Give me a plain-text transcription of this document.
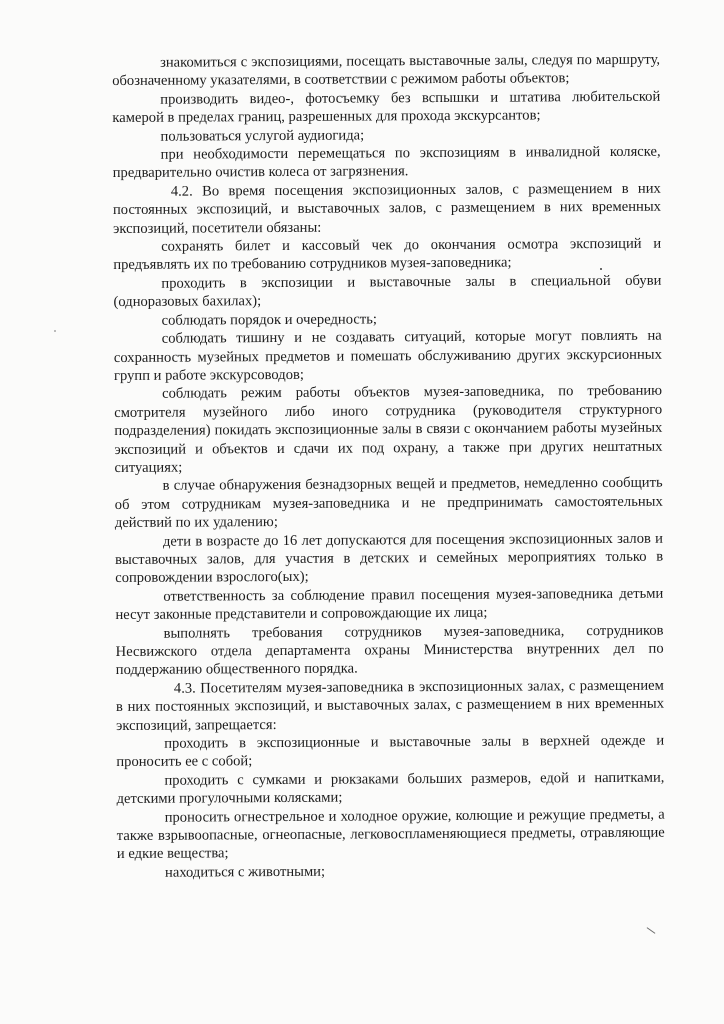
знакомиться с экспозициями, посещать выставочные залы, следуя по маршруту, обозначенному указателями, в соответствии с режимом работы объектов;

производить видео-, фотосъемку без вспышки и штатива любительской камерой в пределах границ, разрешенных для прохода экскурсантов;

пользоваться услугой аудиогида;

при необходимости перемещаться по экспозициям в инвалидной коляске, предварительно очистив колеса от загрязнения.

4.2. Во время посещения экспозиционных залов, с размещением в них постоянных экспозиций, и выставочных залов, с размещением в них временных экспозиций, посетители обязаны:

сохранять билет и кассовый чек до окончания осмотра экспозиций и предъявлять их по требованию сотрудников музея-заповедника;

проходить в экспозиции и выставочные залы в специальной обуви (одноразовых бахилах);

соблюдать порядок и очередность;

соблюдать тишину и не создавать ситуаций, которые могут повлиять на сохранность музейных предметов и помешать обслуживанию других экскурсионных групп и работе экскурсоводов;

соблюдать режим работы объектов музея-заповедника, по требованию смотрителя музейного либо иного сотрудника (руководителя структурного подразделения) покидать экспозиционные залы в связи с окончанием работы музейных экспозиций и объектов и сдачи их под охрану, а также при других нештатных ситуациях;

в случае обнаружения безнадзорных вещей и предметов, немедленно сообщить об этом сотрудникам музея-заповедника и не предпринимать самостоятельных действий по их удалению;

дети в возрасте до 16 лет допускаются для посещения экспозиционных залов и выставочных залов, для участия в детских и семейных мероприятиях только в сопровождении взрослого(ых);

ответственность за соблюдение правил посещения музея-заповедника детьми несут законные представители и сопровождающие их лица;

выполнять требования сотрудников музея-заповедника, сотрудников Несвижского отдела департамента охраны Министерства внутренних дел по поддержанию общественного порядка.

4.3. Посетителям музея-заповедника в экспозиционных залах, с размещением в них постоянных экспозиций, и выставочных залах, с размещением в них временных экспозиций, запрещается:

проходить в экспозиционные и выставочные залы в верхней одежде и проносить ее с собой;

проходить с сумками и рюкзаками больших размеров, едой и напитками, детскими прогулочными колясками;

проносить огнестрельное и холодное оружие, колющие и режущие предметы, а также взрывоопасные, огнеопасные, легковоспламеняющиеся предметы, отравляющие и едкие вещества;

находиться с животными;
